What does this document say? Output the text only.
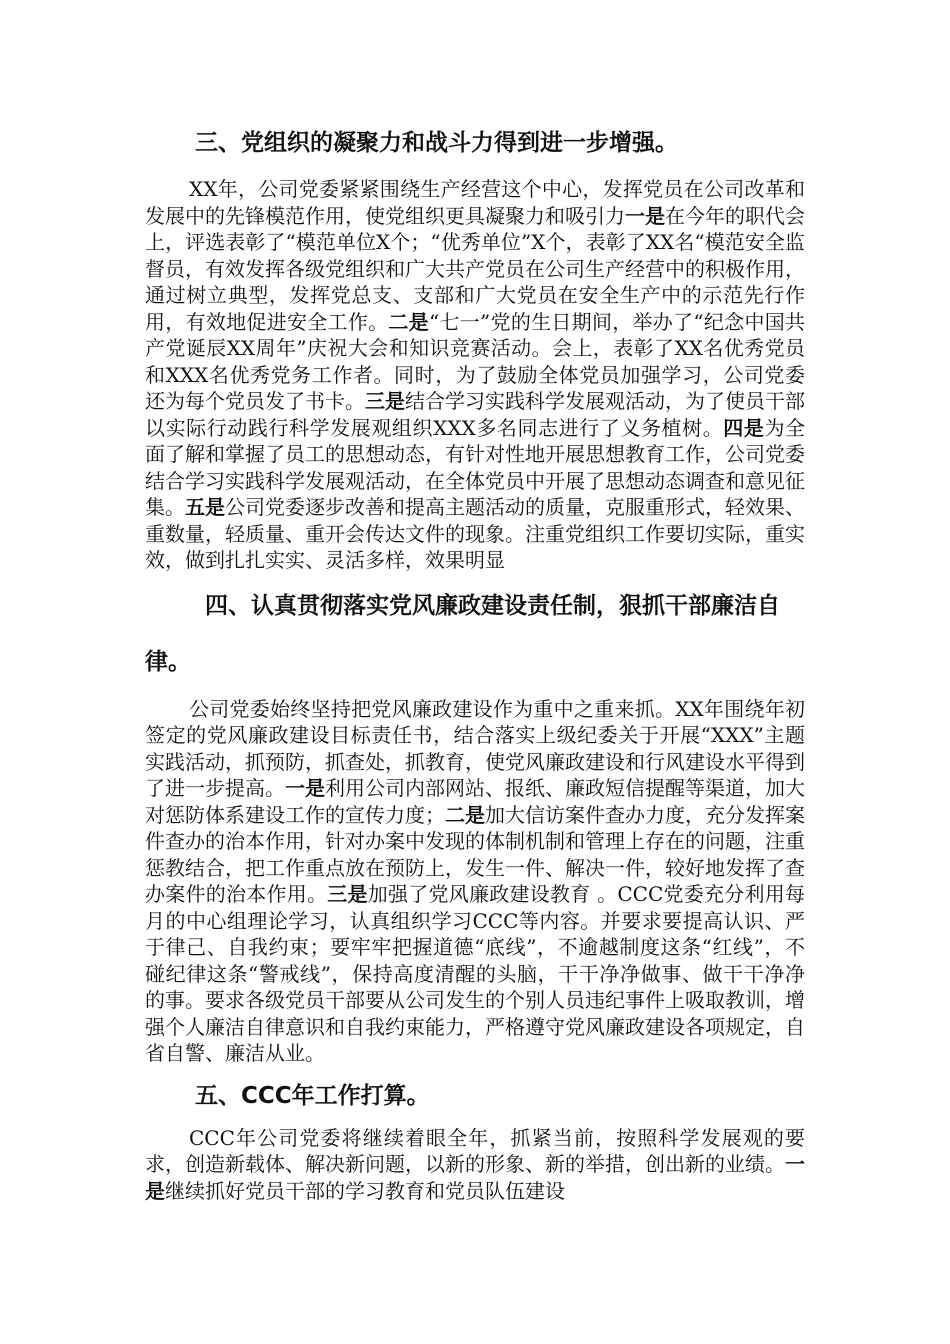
三、党组织的凝聚力和战斗力得到进一步增强。

XX年，公司党委紧紧围绕生产经营这个中心，发挥党员在公司改革和发展中的先锋模范作用，使党组织更具凝聚力和吸引力一是在今年的职代会上，评选表彰了“模范单位X个；“优秀单位”X个，表彰了XX名“模范安全监督员，有效发挥各级党组织和广大共产党员在公司生产经营中的积极作用，通过树立典型，发挥党总支、支部和广大党员在安全生产中的示范先行作用，有效地促进安全工作。二是“七一”党的生日期间，举办了“纪念中国共产党诞辰XX周年”庆祝大会和知识竞赛活动。会上，表彰了XX名优秀党员和XXX名优秀党务工作者。同时，为了鼓励全体党员加强学习，公司党委还为每个党员发了书卡。三是结合学习实践科学发展观活动，为了使员干部以实际行动践行科学发展观组织XXX多名同志进行了义务植树。四是为全面了解和掌握了员工的思想动态，有针对性地开展思想教育工作，公司党委结合学习实践科学发展观活动，在全体党员中开展了思想动态调查和意见征集。五是公司党委逐步改善和提高主题活动的质量，克服重形式，轻效果、重数量，轻质量、重开会传达文件的现象。注重党组织工作要切实际，重实效，做到扎扎实实、灵活多样，效果明显

四、认真贯彻落实党风廉政建设责任制，狠抓干部廉洁自律。

公司党委始终坚持把党风廉政建设作为重中之重来抓。XX年围绕年初签定的党风廉政建设目标责任书，结合落实上级纪委关于开展“XXX”主题实践活动，抓预防，抓查处，抓教育，使党风廉政建设和行风建设水平得到了进一步提高。一是利用公司内部网站、报纸、廉政短信提醒等渠道，加大对惩防体系建设工作的宣传力度；二是加大信访案件查办力度，充分发挥案件查办的治本作用，针对办案中发现的体制机制和管理上存在的问题，注重惩教结合，把工作重点放在预防上，发生一件、解决一件，较好地发挥了查办案件的治本作用。三是加强了党风廉政建设教育 。CCC党委充分利用每月的中心组理论学习，认真组织学习CCC等内容。并要求要提高认识、严于律己、自我约束；要牢牢把握道德“底线”，不逾越制度这条“红线”，不碰纪律这条“警戒线”，保持高度清醒的头脑，干干净净做事、做干干净净的事。要求各级党员干部要从公司发生的个别人员违纪事件上吸取教训，增强个人廉洁自律意识和自我约束能力，严格遵守党风廉政建设各项规定，自省自警、廉洁从业。

五、CCC年工作打算。

CCC年公司党委将继续着眼全年，抓紧当前，按照科学发展观的要求，创造新载体、解决新问题，以新的形象、新的举措，创出新的业绩。一是继续抓好党员干部的学习教育和党员队伍建设
